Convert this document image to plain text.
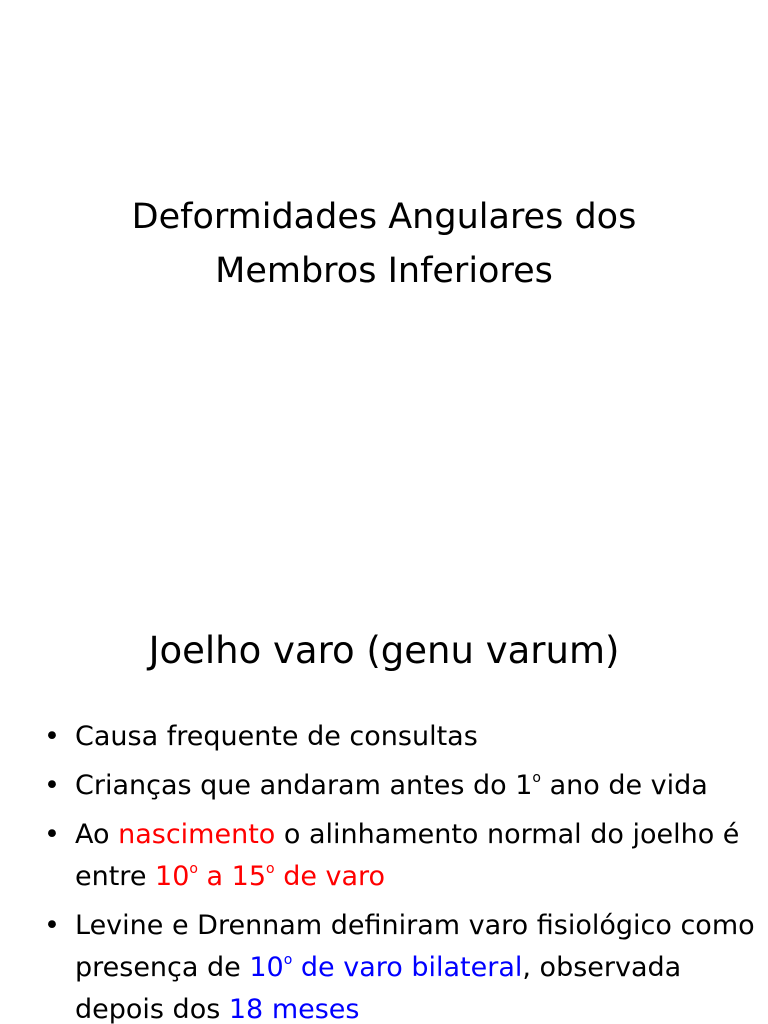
Deformidades Angulares dos
Membros Inferiores
Joelho varo (genu varum)
• Causa frequente de consultas
• Crianças que andaram antes do 1$^o$ ano de vida
• Ao nascimento o alinhamento normal do joelho é entre 10$^o$ a 15$^o$ de varo
• Levine e Drennam definiram varo fisiológico como presença de 10$^o$ de varo bilateral, observada depois dos 18 meses
